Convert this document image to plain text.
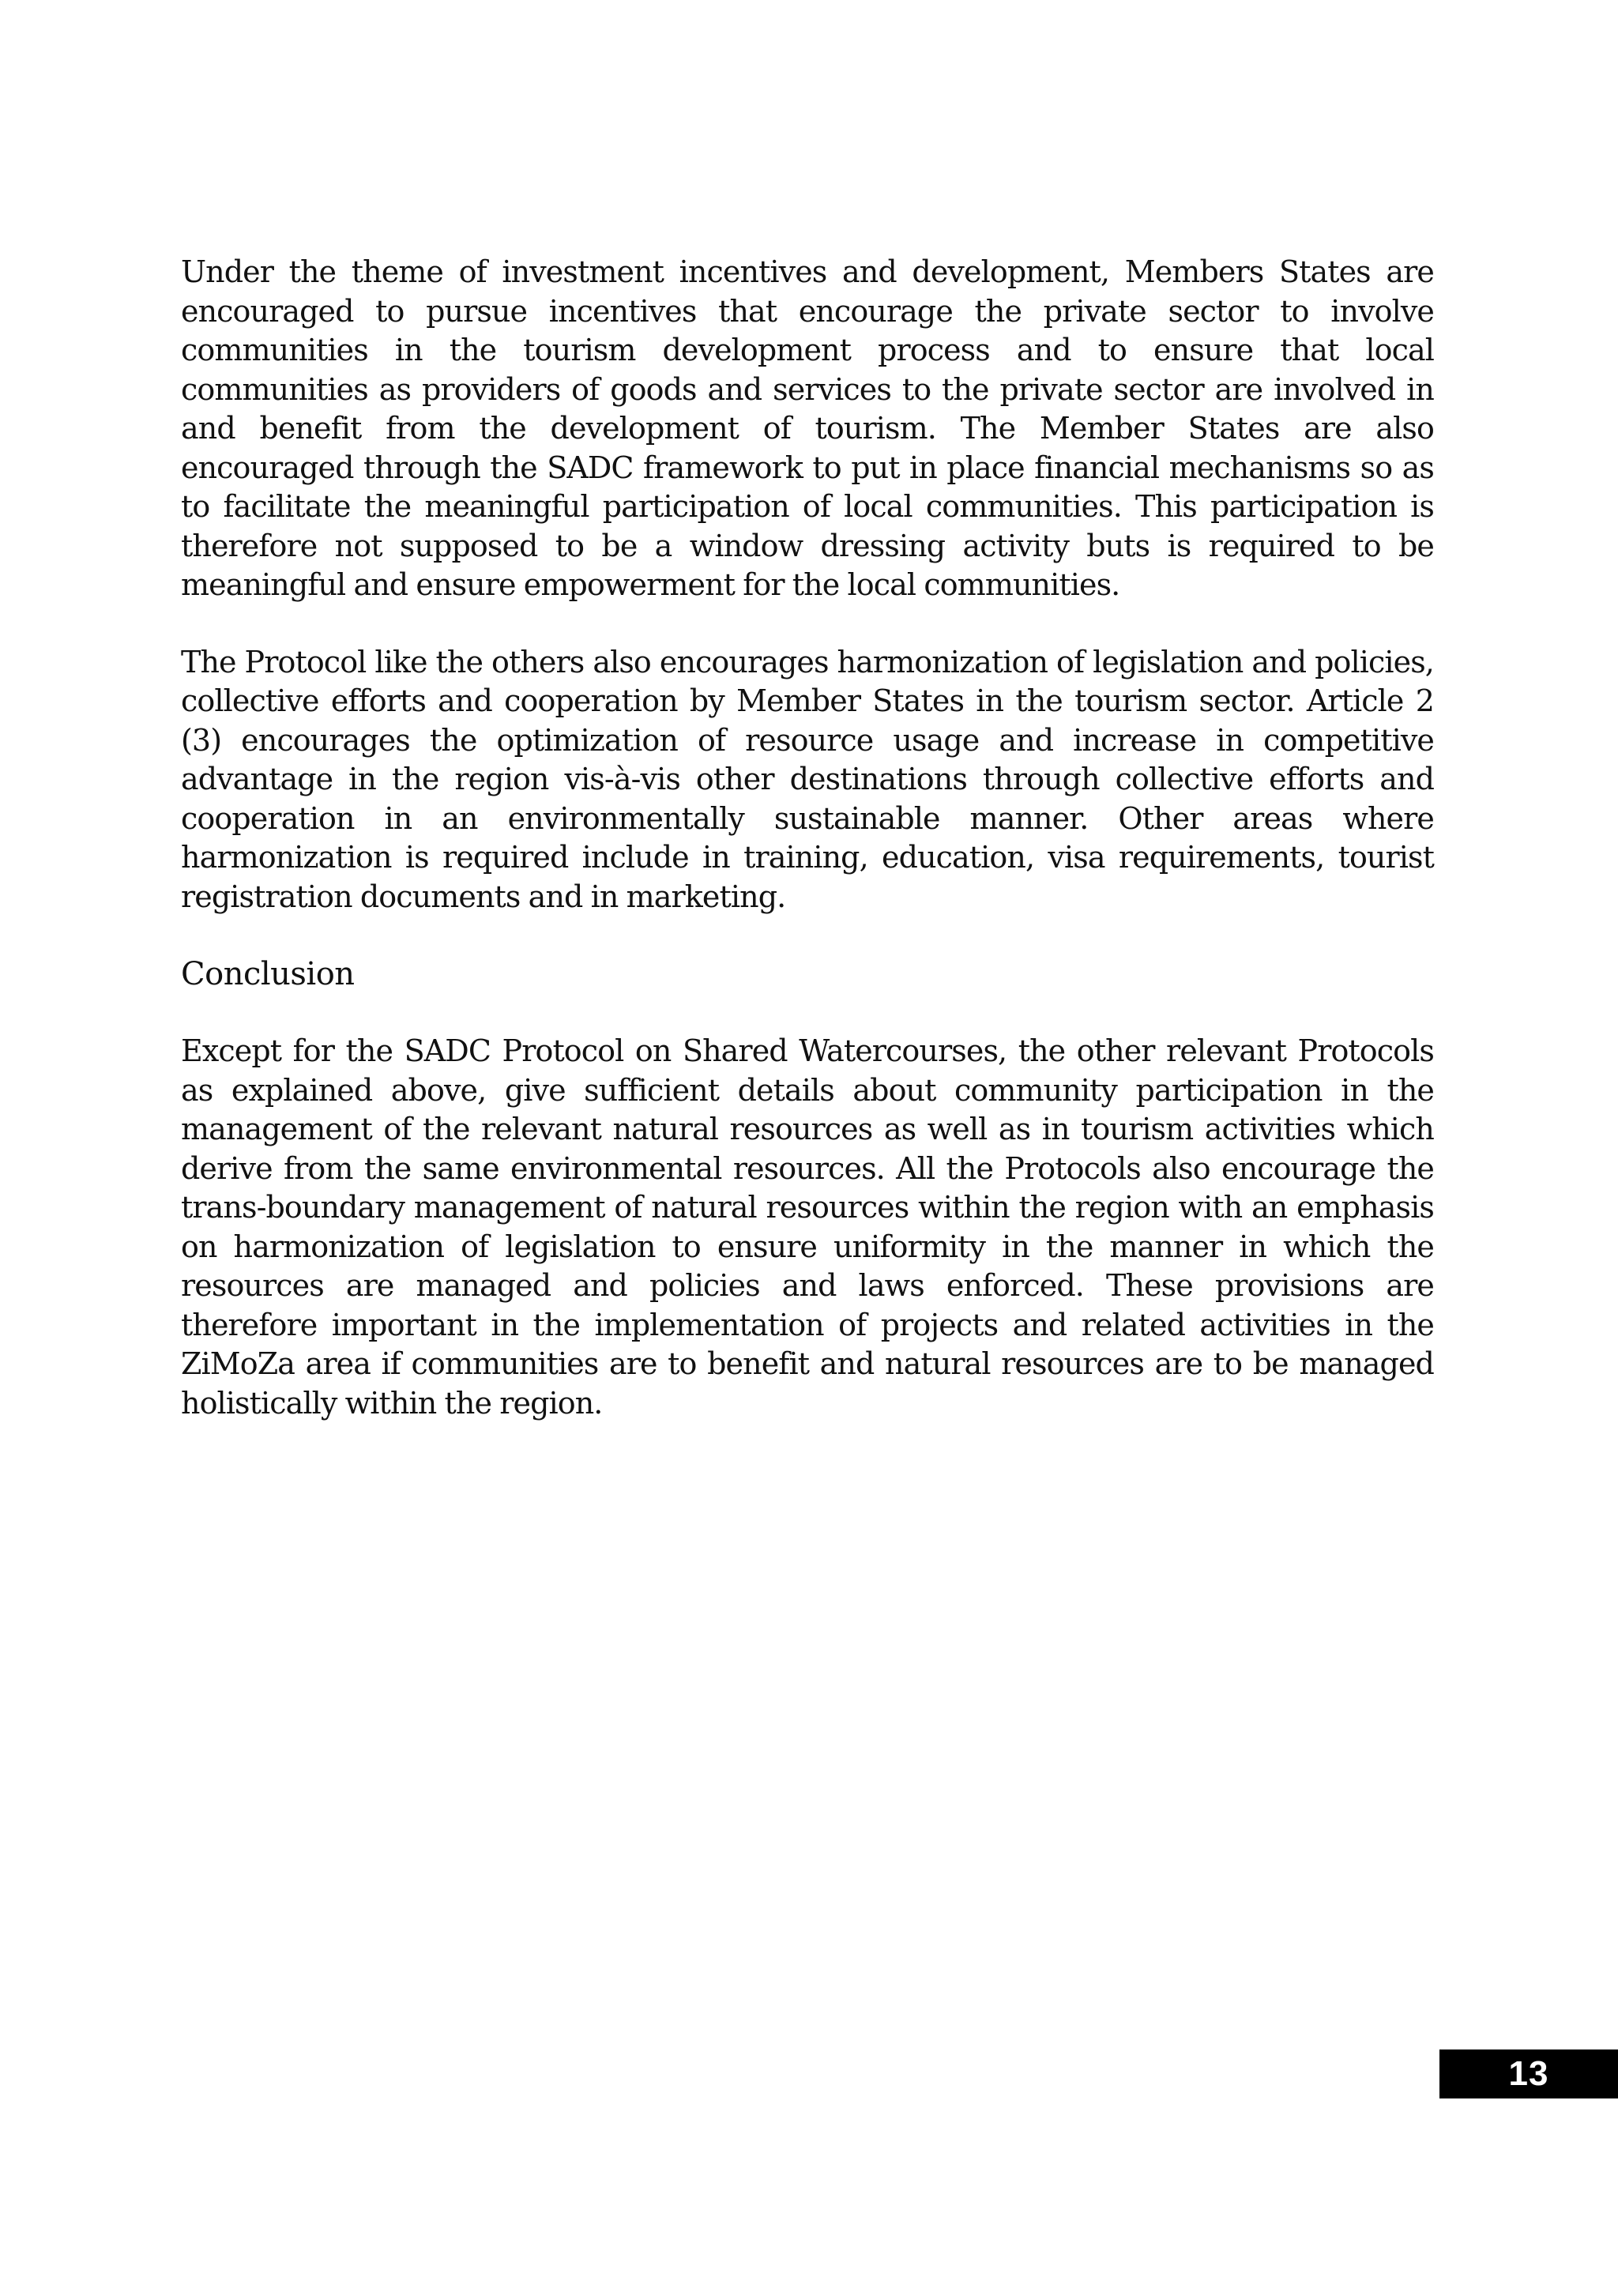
Under the theme of investment incentives and development, Members States are encouraged to pursue incentives that encourage the private sector to involve communities in the tourism development process and to ensure that local communities as providers of goods and services to the private sector are involved in and benefit from the development of tourism. The Member States are also encouraged through the SADC framework to put in place financial mechanisms so as to facilitate the meaningful participation of local communities. This participation is therefore not supposed to be a window dressing activity buts is required to be meaningful and ensure empowerment for the local communities.

The Protocol like the others also encourages harmonization of legislation and policies, collective efforts and cooperation by Member States in the tourism sector. Article 2 (3) encourages the optimization of resource usage and increase in competitive advantage in the region vis-à-vis other destinations through collective efforts and cooperation in an environmentally sustainable manner. Other areas where harmonization is required include in training, education, visa requirements, tourist registration documents and in marketing.

Conclusion

Except for the SADC Protocol on Shared Watercourses, the other relevant Protocols as explained above, give sufficient details about community participation in the management of the relevant natural resources as well as in tourism activities which derive from the same environmental resources. All the Protocols also encourage the trans-boundary management of natural resources within the region with an emphasis on harmonization of legislation to ensure uniformity in the manner in which the resources are managed and policies and laws enforced. These provisions are therefore important in the implementation of projects and related activities in the ZiMoZa area if communities are to benefit and natural resources are to be managed holistically within the region.

13
